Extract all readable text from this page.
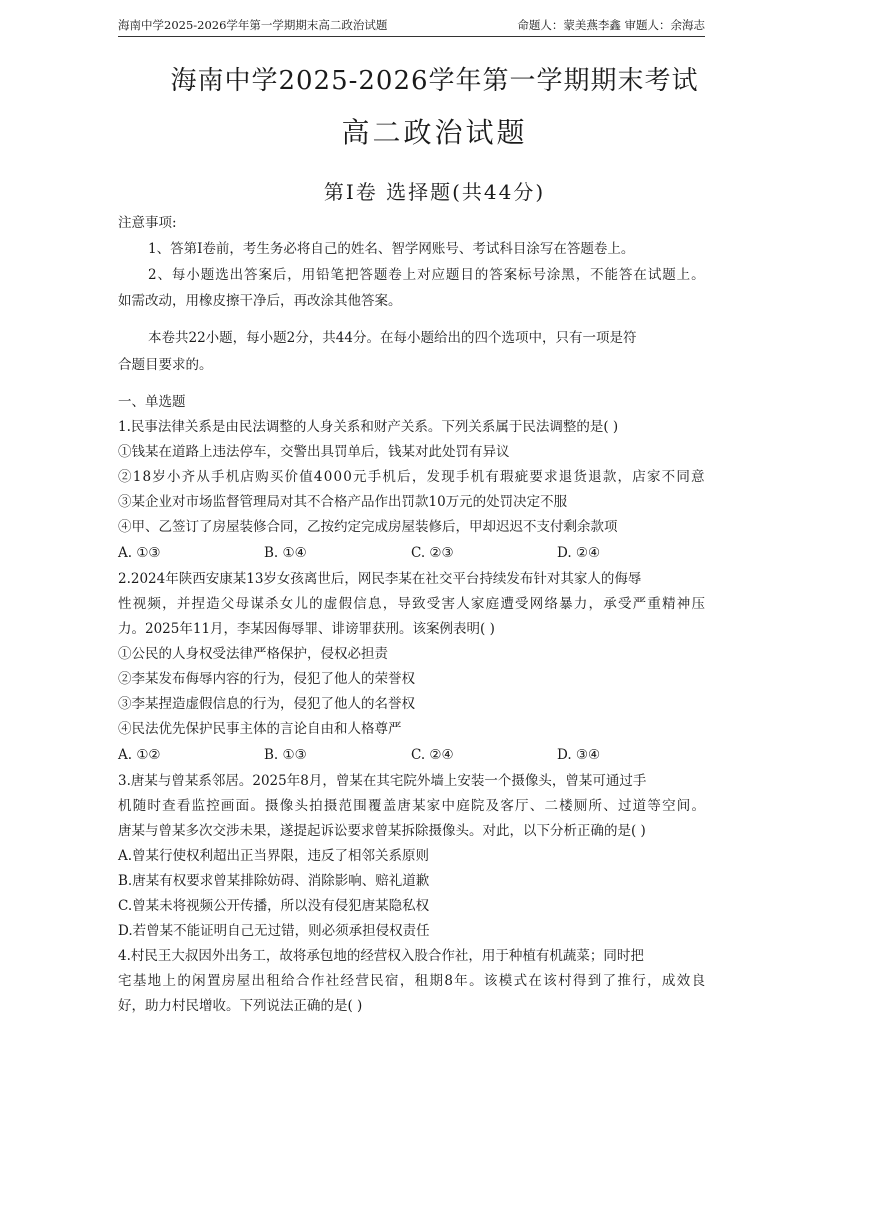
海南中学2025-2026学年第一学期期末高二政治试题	命题人：蒙美燕李鑫 审题人：余海志
海南中学2025-2026学年第一学期期末考试
高二政治试题
第Ⅰ卷 选择题(共44分)
注意事项:
1、答第Ⅰ卷前，考生务必将自己的姓名、智学网账号、考试科目涂写在答题卷上。
2、每小题选出答案后，用铅笔把答题卷上对应题目的答案标号涂黑，不能答在试题上。
如需改动，用橡皮擦干净后，再改涂其他答案。
本卷共22小题，每小题2分，共44分。在每小题给出的四个选项中，只有一项是符
合题目要求的。
一、单选题
1.民事法律关系是由民法调整的人身关系和财产关系。下列关系属于民法调整的是( )
①钱某在道路上违法停车，交警出具罚单后，钱某对此处罚有异议
②18岁小齐从手机店购买价值4000元手机后，发现手机有瑕疵要求退货退款，店家不同意
③某企业对市场监督管理局对其不合格产品作出罚款10万元的处罚决定不服
④甲、乙签订了房屋装修合同，乙按约定完成房屋装修后，甲却迟迟不支付剩余款项
A. ①③	B. ①④	C. ②③	D. ②④
2.2024年陕西安康某13岁女孩离世后，网民李某在社交平台持续发布针对其家人的侮辱
性视频，并捏造父母谋杀女儿的虚假信息，导致受害人家庭遭受网络暴力，承受严重精神压
力。2025年11月，李某因侮辱罪、诽谤罪获刑。该案例表明( )
①公民的人身权受法律严格保护，侵权必担责
②李某发布侮辱内容的行为，侵犯了他人的荣誉权
③李某捏造虚假信息的行为，侵犯了他人的名誉权
④民法优先保护民事主体的言论自由和人格尊严
A. ①②	B. ①③	C. ②④	D. ③④
3.唐某与曾某系邻居。2025年8月，曾某在其宅院外墙上安装一个摄像头，曾某可通过手
机随时查看监控画面。摄像头拍摄范围覆盖唐某家中庭院及客厅、二楼厕所、过道等空间。
唐某与曾某多次交涉未果，遂提起诉讼要求曾某拆除摄像头。对此，以下分析正确的是( )
A.曾某行使权利超出正当界限，违反了相邻关系原则
B.唐某有权要求曾某排除妨碍、消除影响、赔礼道歉
C.曾某未将视频公开传播，所以没有侵犯唐某隐私权
D.若曾某不能证明自己无过错，则必须承担侵权责任
4.村民王大叔因外出务工，故将承包地的经营权入股合作社，用于种植有机蔬菜；同时把
宅基地上的闲置房屋出租给合作社经营民宿，租期8年。该模式在该村得到了推行，成效良
好，助力村民增收。下列说法正确的是( )
